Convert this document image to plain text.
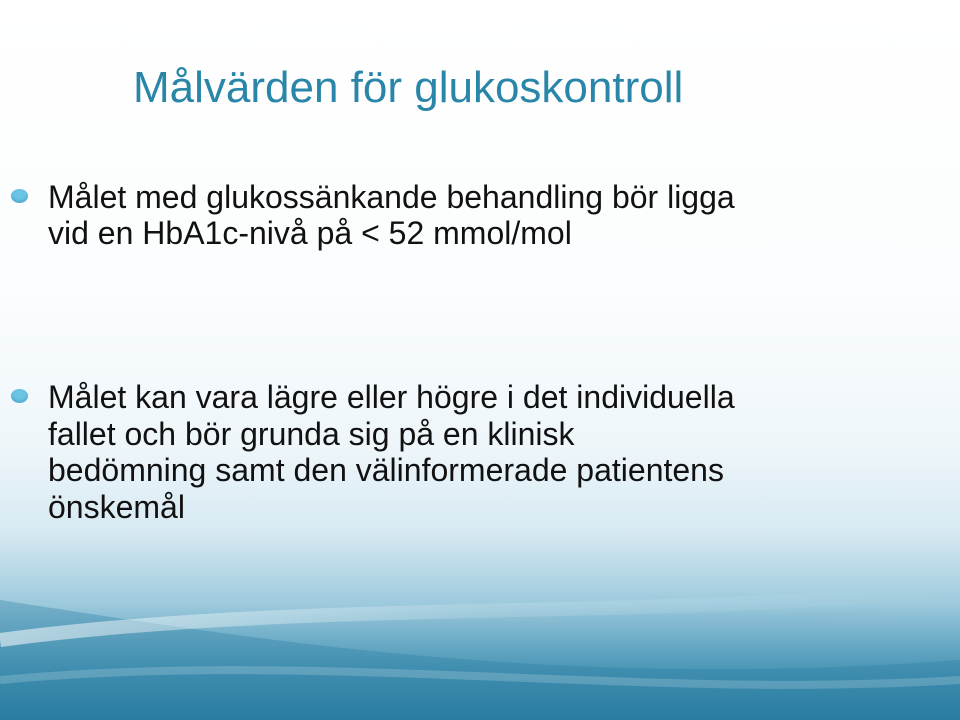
Målvärden för glukoskontroll

Målet med glukossänkande behandling bör ligga
vid en HbA1c-nivå på < 52 mmol/mol

Målet kan vara lägre eller högre i det individuella
fallet och bör grunda sig på en klinisk
bedömning samt den välinformerade patientens
önskemål
